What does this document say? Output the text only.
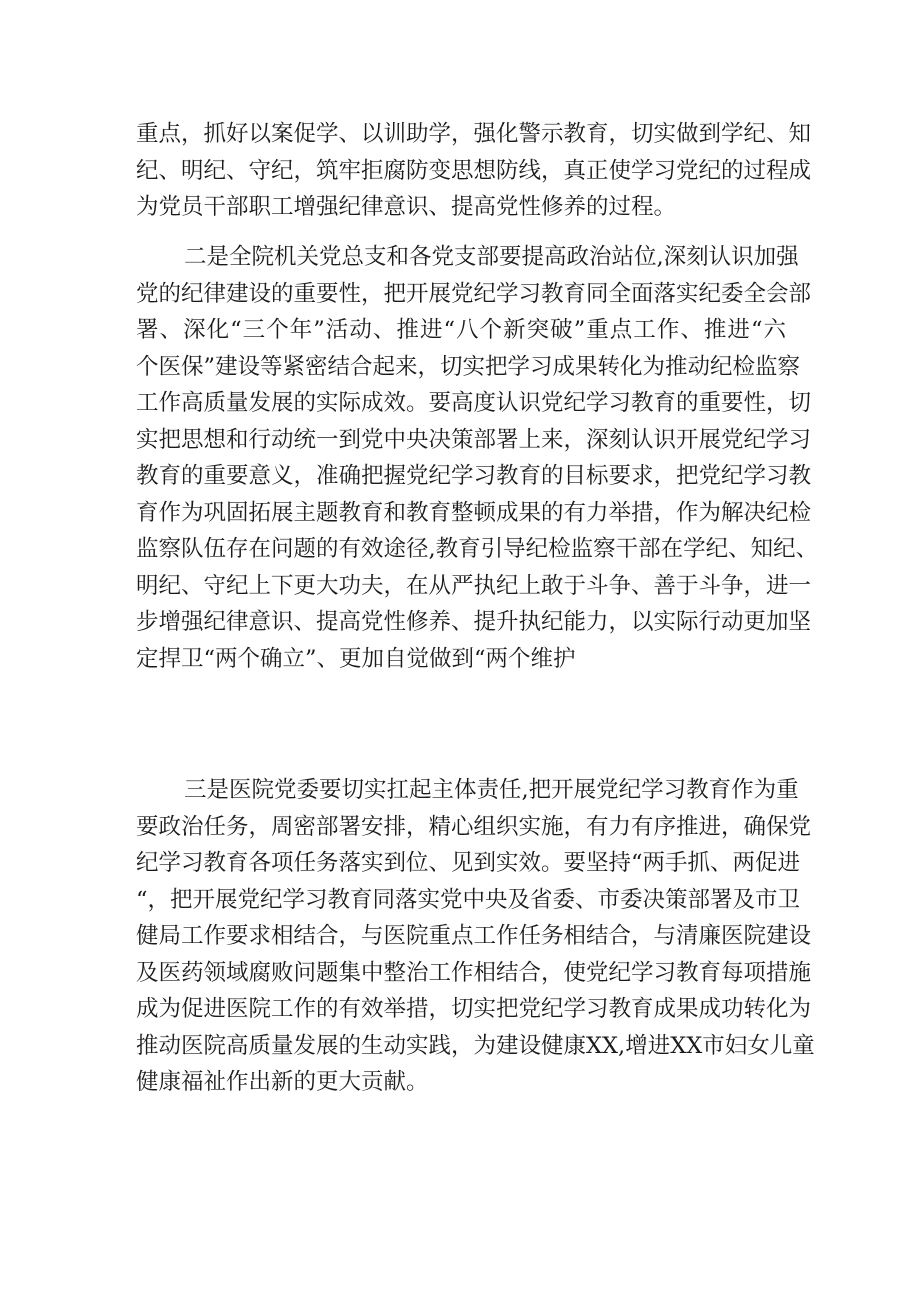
重点，抓好以案促学、以训助学，强化警示教育，切实做到学纪、知
纪、明纪、守纪，筑牢拒腐防变思想防线，真正使学习党纪的过程成
为党员干部职工增强纪律意识、提高党性修养的过程。
二是全院机关党总支和各党支部要提高政治站位,深刻认识加强
党的纪律建设的重要性，把开展党纪学习教育同全面落实纪委全会部
署、深化“三个年”活动、推进“八个新突破”重点工作、推进“六
个医保”建设等紧密结合起来，切实把学习成果转化为推动纪检监察
工作高质量发展的实际成效。要高度认识党纪学习教育的重要性，切
实把思想和行动统一到党中央决策部署上来，深刻认识开展党纪学习
教育的重要意义，准确把握党纪学习教育的目标要求，把党纪学习教
育作为巩固拓展主题教育和教育整顿成果的有力举措，作为解决纪检
监察队伍存在问题的有效途径,教育引导纪检监察干部在学纪、知纪、
明纪、守纪上下更大功夫，在从严执纪上敢于斗争、善于斗争，进一
步增强纪律意识、提高党性修养、提升执纪能力，以实际行动更加坚
定捍卫“两个确立”、更加自觉做到“两个维护
三是医院党委要切实扛起主体责任,把开展党纪学习教育作为重
要政治任务，周密部署安排，精心组织实施，有力有序推进，确保党
纪学习教育各项任务落实到位、见到实效。要坚持“两手抓、两促进
“，把开展党纪学习教育同落实党中央及省委、市委决策部署及市卫
健局工作要求相结合，与医院重点工作任务相结合，与清廉医院建设
及医药领域腐败问题集中整治工作相结合，使党纪学习教育每项措施
成为促进医院工作的有效举措，切实把党纪学习教育成果成功转化为
推动医院高质量发展的生动实践，为建设健康XX,增进XX市妇女儿童
健康福祉作出新的更大贡献。
